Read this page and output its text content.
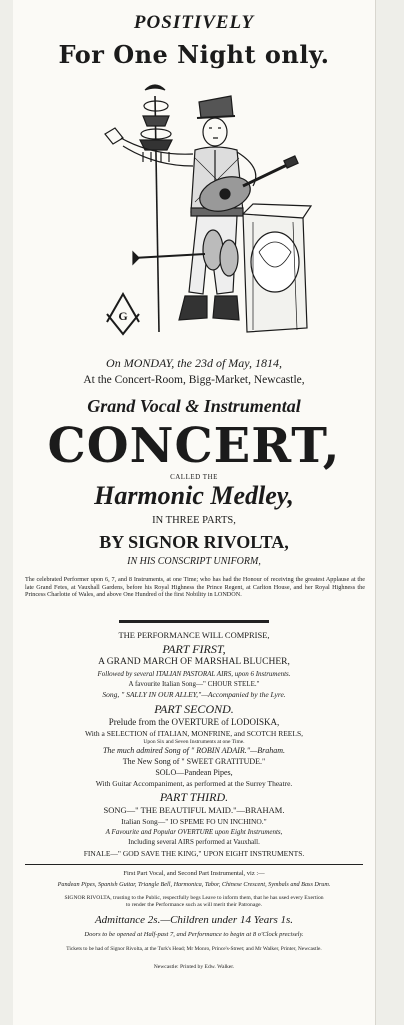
POSITIVELY
For One Night only.
G
On MONDAY, the 23d of May, 1814,
At the Concert-Room, Bigg-Market, Newcastle,
Grand Vocal & Instrumental
CONCERT,
CALLED THE
Harmonic Medley,
IN THREE PARTS,
BY SIGNOR RIVOLTA,
IN HIS CONSCRIPT UNIFORM,
The celebrated Performer upon 6, 7, and 8 Instruments, at one Time; who has had the Honour of receiving the greatest Applause at the late Grand Fetes, at Vauxhall Gardens, before his Royal Highness the Prince Regent, at Carlton House, and her Royal Highness the Princess Charlotte of Wales, and above One Hundred of the first Nobility in LONDON.
THE PERFORMANCE WILL COMPRISE,
PART FIRST,
A GRAND MARCH OF MARSHAL BLUCHER,
Followed by several ITALIAN PASTORAL AIRS, upon 6 Instruments.
A favourite Italian Song—" CHOUR STELE."
Song, " SALLY IN OUR ALLEY,"—Accompanied by the Lyre.
PART SECOND.
Prelude from the OVERTURE of LODOISKA,
With a SELECTION of ITALIAN, MONFRINE, and SCOTCH REELS,
Upon Six and Seven Instruments at one Time.
The much admired Song of " ROBIN ADAIR."—Braham.
The New Song of " SWEET GRATITUDE."
SOLO—Pandean Pipes,
With Guitar Accompaniment, as performed at the Surrey Theatre.
PART THIRD.
SONG—" THE BEAUTIFUL MAID."—BRAHAM.
Italian Song—" IO SPEME FO UN INCHINO."
A Favourite and Popular OVERTURE upon Eight Instruments,
Including several AIRS performed at Vauxhall.
FINALE—" GOD SAVE THE KING," UPON EIGHT INSTRUMENTS.
First Part Vocal, and Second Part Instrumental, viz :—
Pandean Pipes, Spanish Guitar, Triangle Bell, Harmonica, Tabor, Chinese Crescent, Symbals and Bass Drum.
SIGNOR RIVOLTA, trusting to the Public, respectfully begs Leave to inform them, that he has used every Exertion
to render the Performance such as will merit their Patronage.
Admittance 2s.—Children under 14 Years 1s.
Doors to be opened at Half-past 7, and Performance to begin at 8 o'Clock precisely.
Tickets to be had of Signor Rivolta, at the Turk's Head; Mr Monro, Prince's-Street; and Mr Walker, Printer, Newcastle.
Newcastle: Printed by Edw. Walker.
